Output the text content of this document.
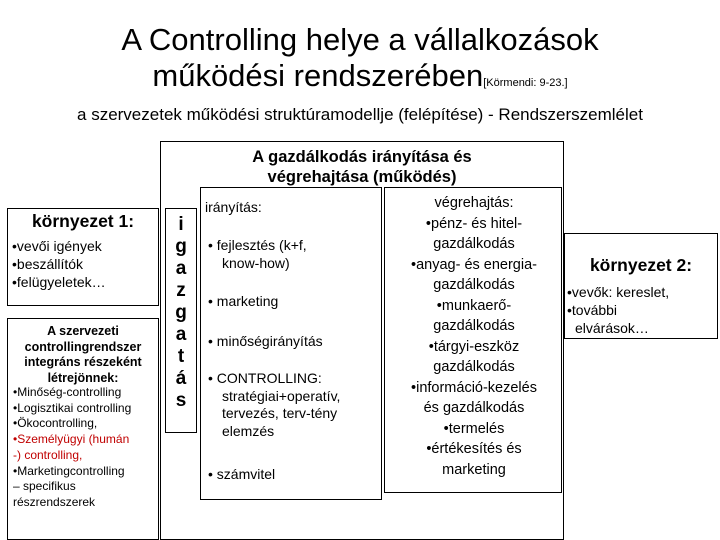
A Controlling helye a vállalkozások
működési rendszerében[Körmendi: 9-23.]
a szervezetek működési struktúramodellje (felépítése) - Rendszerszemlélet
A gazdálkodás irányítása és
végrehajtása (működés)
környezet 1:
•vevői igények
•beszállítók
•felügyeletek…
A szervezeti
controllingrendszer
integráns részeként
létrejönnek:
•Minőség-controlling
•Logisztikai controlling
•Ökocontrolling,
•Személyügyi (humán
-) controlling,
•Marketingcontrolling
– specifikus
részrendszerek
i
g
a
z
g
a
t
á
s
irányítás:
• fejlesztés (k+f,
know-how)
• marketing
• minőségirányítás
• CONTROLLING:
stratégiai+operatív,
tervezés, terv-tény
elemzés
• számvitel
végrehajtás:
•pénz- és hitel-
gazdálkodás
•anyag- és energia-
gazdálkodás
•munkaerő-
gazdálkodás
•tárgyi-eszköz
gazdálkodás
•információ-kezelés
és gazdálkodás
•termelés
•értékesítés és
marketing
környezet 2:
•vevők: kereslet,
•további
elvárások…
